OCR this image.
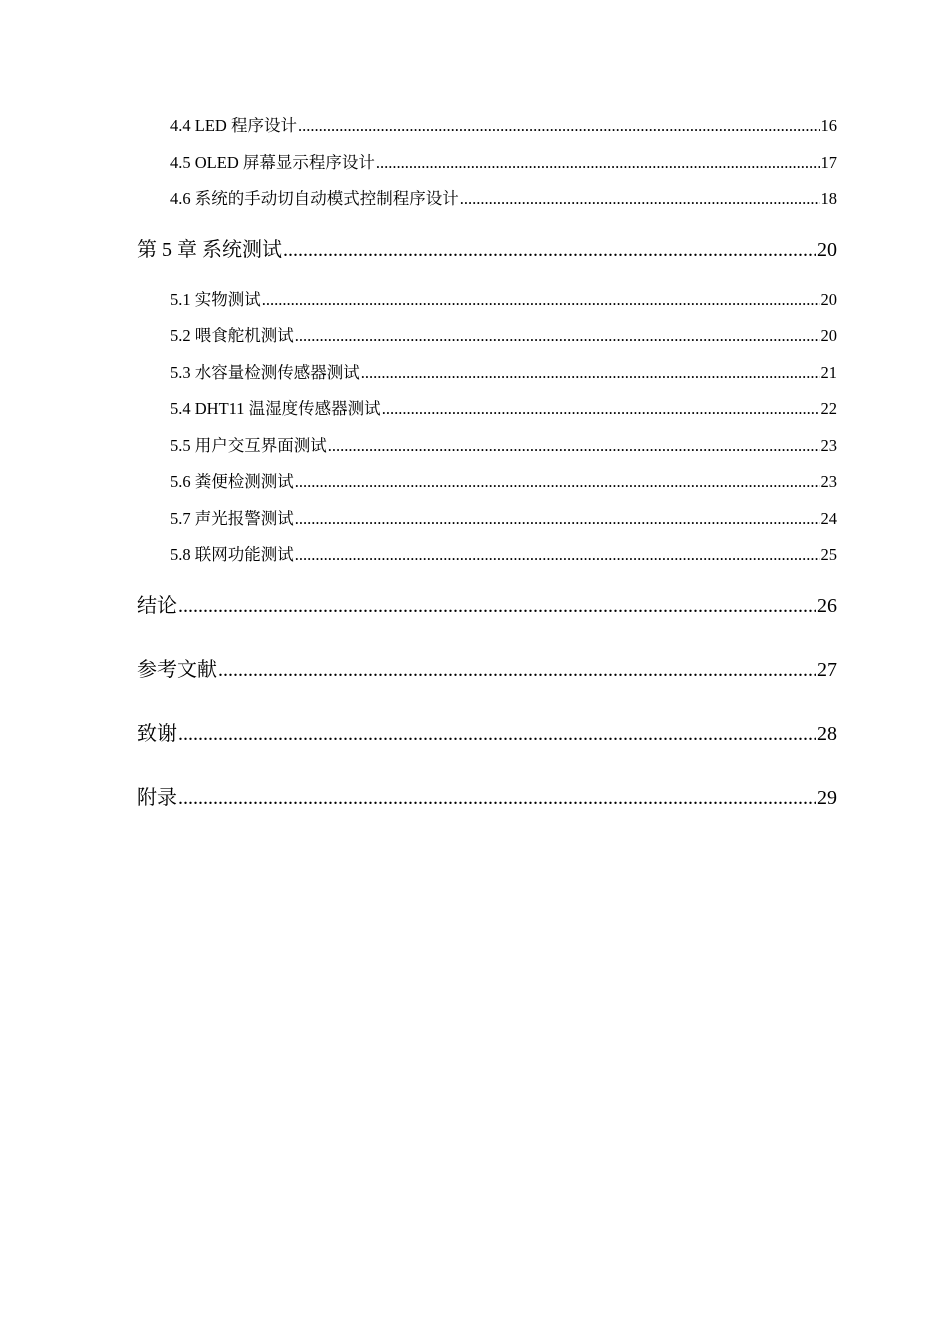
4.4 LED 程序设计 .....	16
4.5 OLED 屏幕显示程序设计 .....	17
4.6 系统的手动切自动模式控制程序设计 .....	18
第 5 章 系统测试 .....	20
5.1 实物测试 .....	20
5.2 喂食舵机测试 .....	20
5.3 水容量检测传感器测试 .....	21
5.4 DHT11 温湿度传感器测试 .....	22
5.5 用户交互界面测试 .....	23
5.6 粪便检测测试 .....	23
5.7 声光报警测试 .....	24
5.8 联网功能测试 .....	25
结论 .....	26
参考文献 .....	27
致谢 .....	28
附录 .....	29
